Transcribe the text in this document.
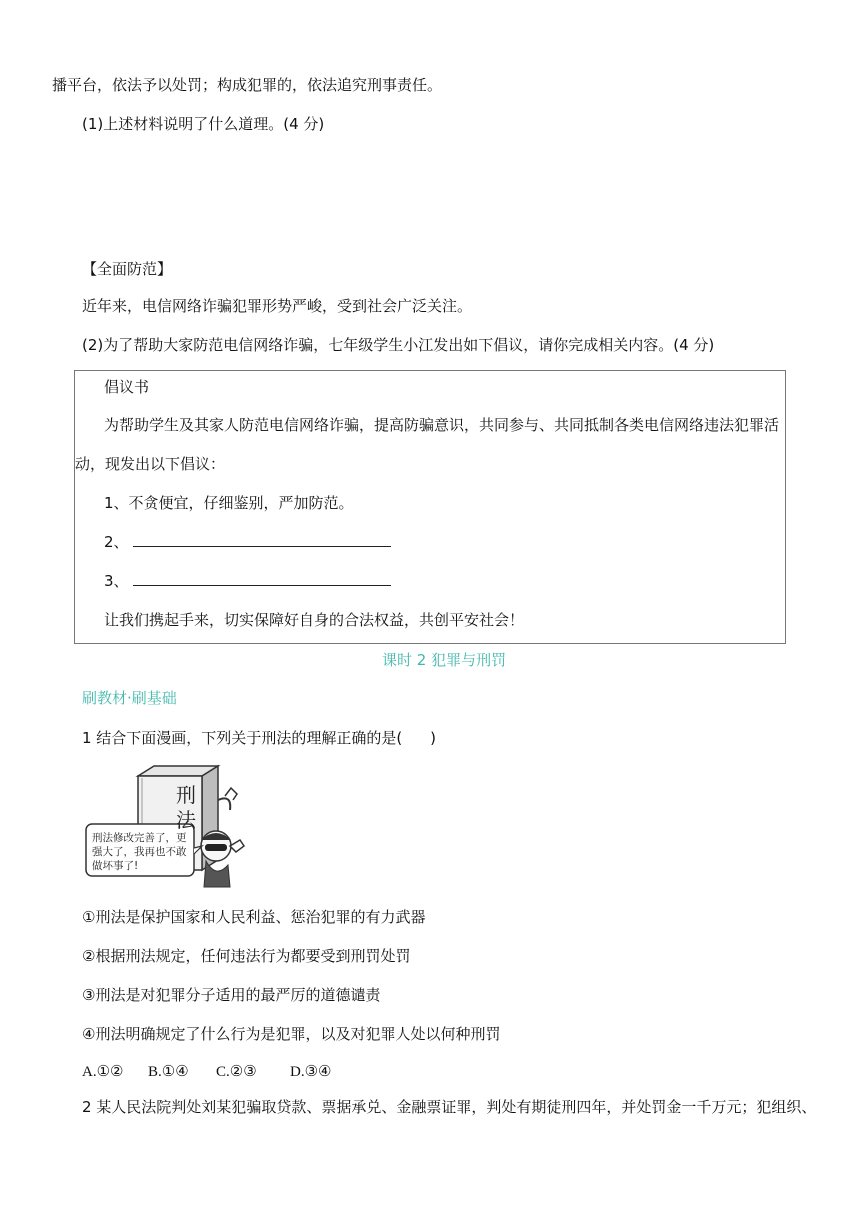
播平台，依法予以处罚；构成犯罪的，依法追究刑事责任。
(1)上述材料说明了什么道理。(4 分)
【全面防范】
近年来，电信网络诈骗犯罪形势严峻，受到社会广泛关注。
(2)为了帮助大家防范电信网络诈骗，七年级学生小江发出如下倡议，请你完成相关内容。(4 分)
倡议书
为帮助学生及其家人防范电信网络诈骗，提高防骗意识，共同参与、共同抵制各类电信网络违法犯罪活
动，现发出以下倡议：
1、不贪便宜，仔细鉴别，严加防范。
2、
3、
让我们携起手来，切实保障好自身的合法权益，共创平安社会！
课时 2 犯罪与刑罚
刷教材·刷基础
1 结合下面漫画，下列关于刑法的理解正确的是( )
刑
法
刑法修改完善了，更
强大了，我再也不敢
做坏事了!
①刑法是保护国家和人民利益、惩治犯罪的有力武器
②根据刑法规定，任何违法行为都要受到刑罚处罚
③刑法是对犯罪分子适用的最严厉的道德谴责
④刑法明确规定了什么行为是犯罪，以及对犯罪人处以何种刑罚
A.①② B.①④ C.②③ D.③④
2 某人民法院判处刘某犯骗取贷款、票据承兑、金融票证罪，判处有期徒刑四年，并处罚金一千万元；犯组织、
